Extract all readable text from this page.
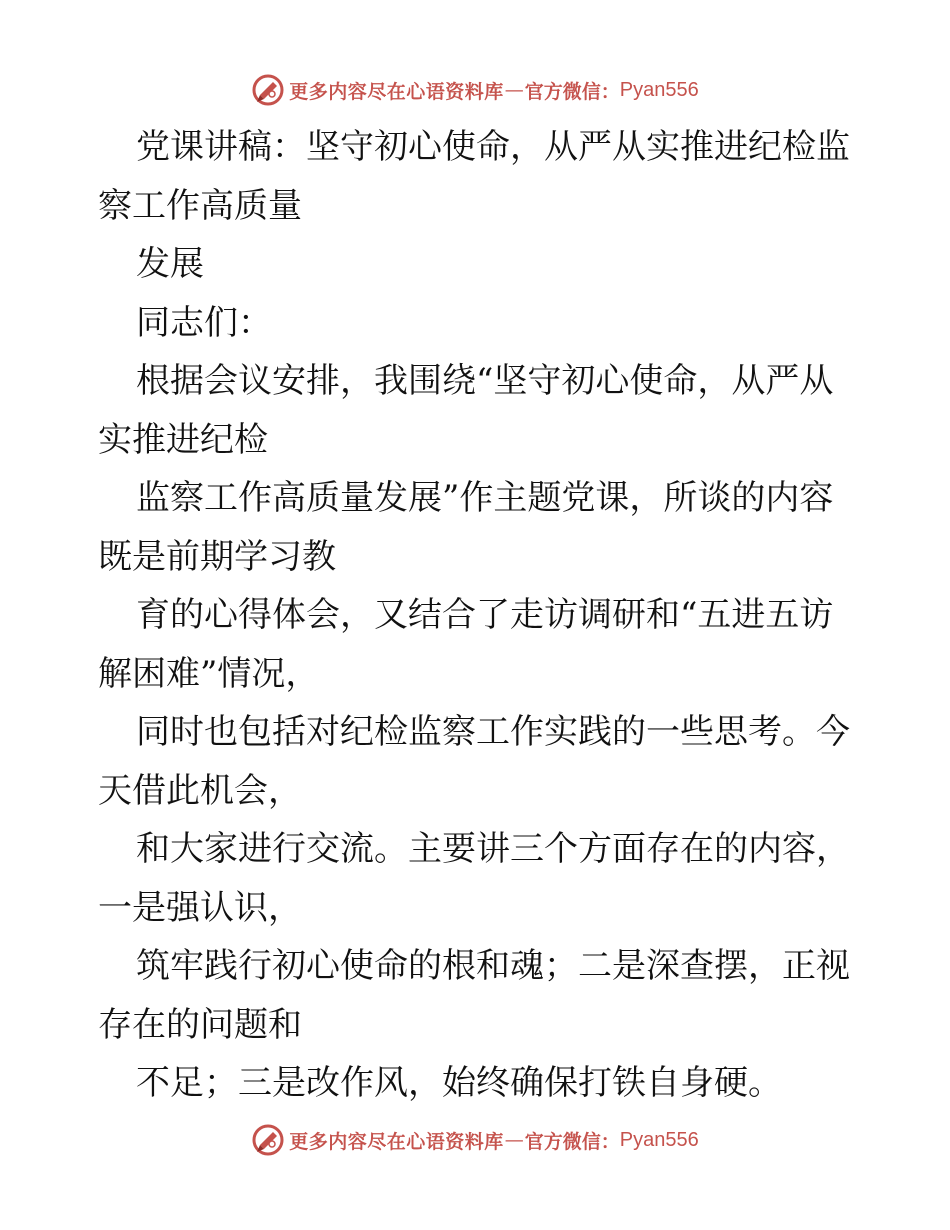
更多内容尽在心语资料库 — 官方微信： Pyan556
党课讲稿：坚守初心使命，从严从实推进纪检监
察工作高质量
发展
同志们：
根据会议安排，我围绕“坚守初心使命，从严从
实推进纪检
监察工作高质量发展”作主题党课，所谈的内容
既是前期学习教
育的心得体会，又结合了走访调研和“五进五访
解困难”情况，
同时也包括对纪检监察工作实践的一些思考。今
天借此机会，
和大家进行交流。主要讲三个方面存在的内容，
一是强认识，
筑牢践行初心使命的根和魂；二是深查摆，正视
存在的问题和
不足；三是改作风，始终确保打铁自身硬。
更多内容尽在心语资料库 — 官方微信： Pyan556
